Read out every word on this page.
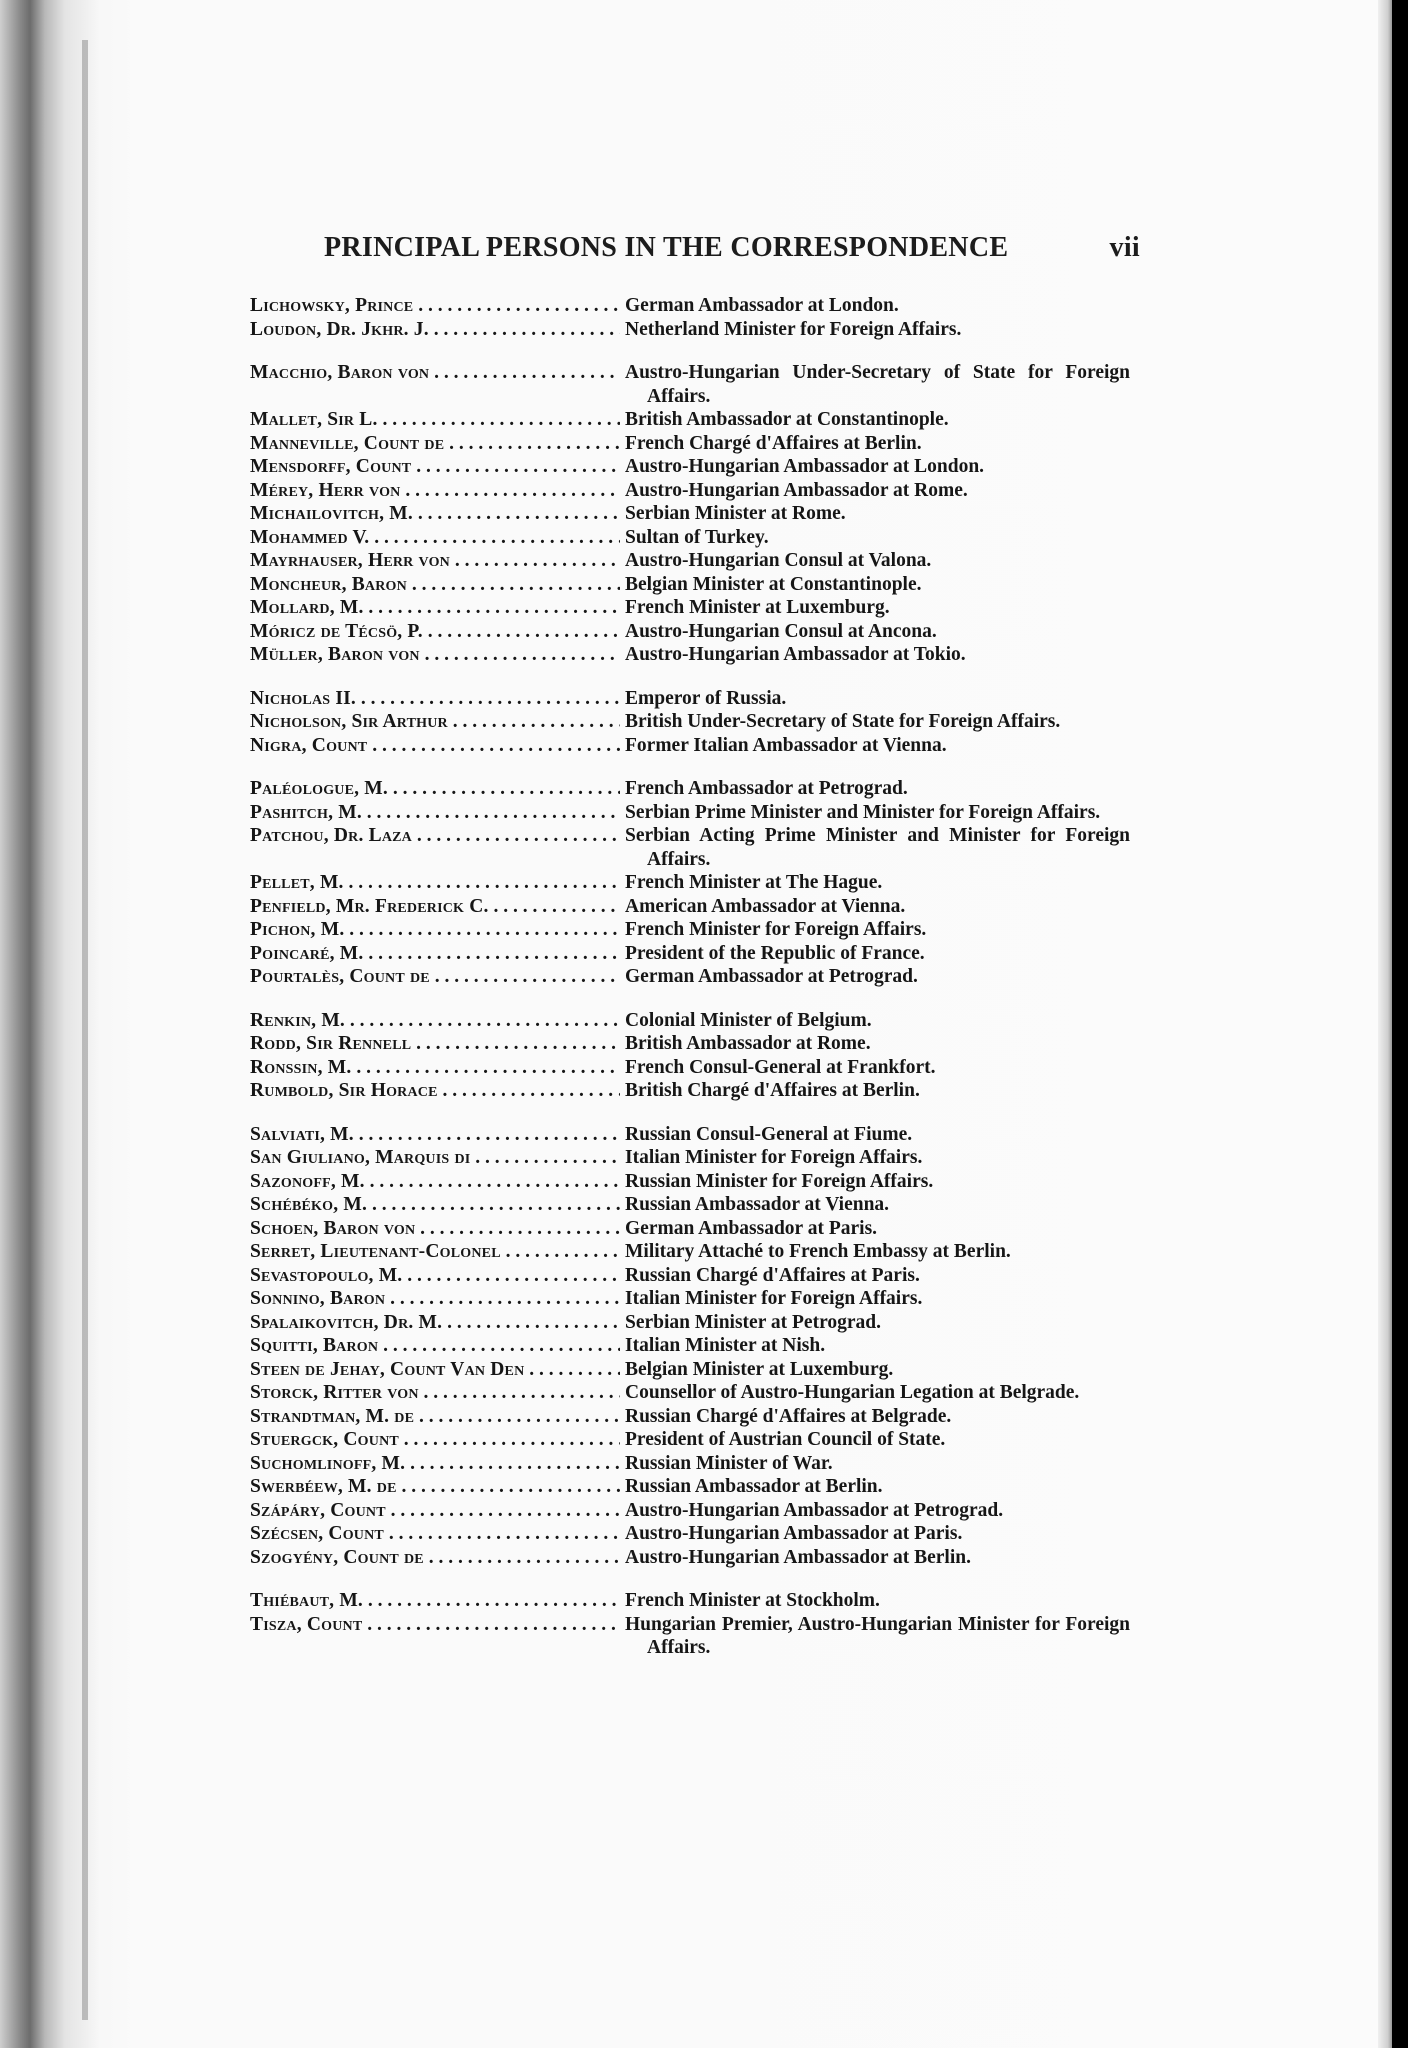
PRINCIPAL PERSONS IN THE CORRESPONDENCE	vii
Lichowsky, Prince . . .	German Ambassador at London.
Loudon, Dr. Jkhr. J. . . .	Netherland Minister for Foreign Affairs.
Macchio, Baron von . . .	Austro-Hungarian Under-Secretary of State for Foreign Affairs.
Mallet, Sir L. . . .	British Ambassador at Constantinople.
Manneville, Count de . . .	French Chargé d'Affaires at Berlin.
Mensdorff, Count . . .	Austro-Hungarian Ambassador at London.
Mérey, Herr von . . .	Austro-Hungarian Ambassador at Rome.
Michailovitch, M. . . .	Serbian Minister at Rome.
Mohammed V. . . .	Sultan of Turkey.
Mayrhauser, Herr von . . .	Austro-Hungarian Consul at Valona.
Moncheur, Baron . . .	Belgian Minister at Constantinople.
Mollard, M. . . .	French Minister at Luxemburg.
Móricz de Técsö, P. . . .	Austro-Hungarian Consul at Ancona.
Müller, Baron von . . .	Austro-Hungarian Ambassador at Tokio.
Nicholas II. . . .	Emperor of Russia.
Nicholson, Sir Arthur . . .	British Under-Secretary of State for Foreign Affairs.
Nigra, Count . . .	Former Italian Ambassador at Vienna.
Paléologue, M. . . .	French Ambassador at Petrograd.
Pashitch, M. . . .	Serbian Prime Minister and Minister for Foreign Affairs.
Patchou, Dr. Laza . . .	Serbian Acting Prime Minister and Minister for Foreign Affairs.
Pellet, M. . . .	French Minister at The Hague.
Penfield, Mr. Frederick C. . . .	American Ambassador at Vienna.
Pichon, M. . . .	French Minister for Foreign Affairs.
Poincaré, M. . . .	President of the Republic of France.
Pourtalès, Count de . . .	German Ambassador at Petrograd.
Renkin, M. . . .	Colonial Minister of Belgium.
Rodd, Sir Rennell . . .	British Ambassador at Rome.
Ronssin, M. . . .	French Consul-General at Frankfort.
Rumbold, Sir Horace . . .	British Chargé d'Affaires at Berlin.
Salviati, M. . . .	Russian Consul-General at Fiume.
San Giuliano, Marquis di . . .	Italian Minister for Foreign Affairs.
Sazonoff, M. . . .	Russian Minister for Foreign Affairs.
Schébéko, M. . . .	Russian Ambassador at Vienna.
Schoen, Baron von . . .	German Ambassador at Paris.
Serret, Lieutenant-Colonel . . .	Military Attaché to French Embassy at Berlin.
Sevastopoulo, M. . . .	Russian Chargé d'Affaires at Paris.
Sonnino, Baron . . .	Italian Minister for Foreign Affairs.
Spalaikovitch, Dr. M. . . .	Serbian Minister at Petrograd.
Squitti, Baron . . .	Italian Minister at Nish.
Steen de Jehay, Count Van Den . . .	Belgian Minister at Luxemburg.
Storck, Ritter von . . .	Counsellor of Austro-Hungarian Legation at Belgrade.
Strandtman, M. de . . .	Russian Chargé d'Affaires at Belgrade.
Stuergck, Count . . .	President of Austrian Council of State.
Suchomlinoff, M. . . .	Russian Minister of War.
Swerbéew, M. de . . .	Russian Ambassador at Berlin.
Szápáry, Count . . .	Austro-Hungarian Ambassador at Petrograd.
Szécsen, Count . . .	Austro-Hungarian Ambassador at Paris.
Szogyény, Count de . . .	Austro-Hungarian Ambassador at Berlin.
Thiébaut, M. . . .	French Minister at Stockholm.
Tisza, Count . . .	Hungarian Premier, Austro-Hungarian Minister for Foreign Affairs.
